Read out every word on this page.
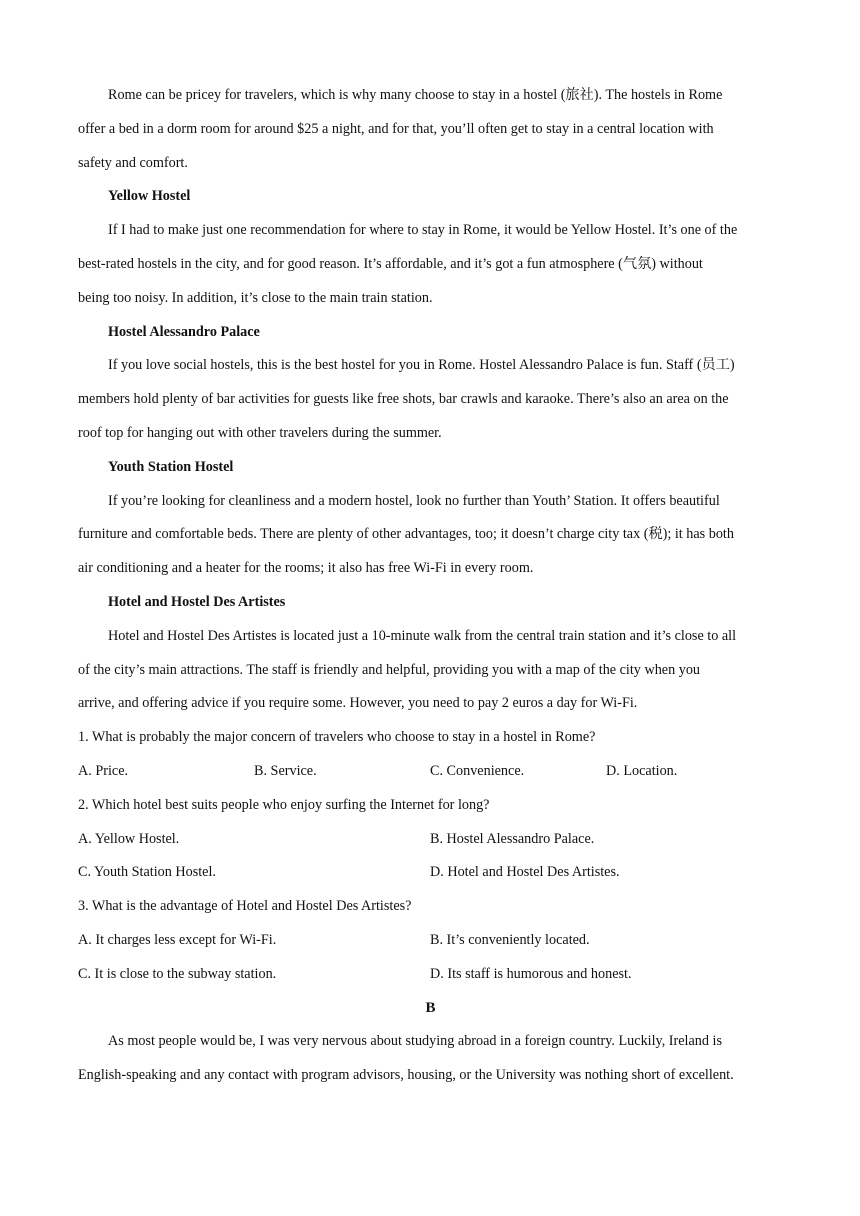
Rome can be pricey for travelers, which is why many choose to stay in a hostel (旅社). The hostels in Rome
offer a bed in a dorm room for around $25 a night, and for that, you’ll often get to stay in a central location with
safety and comfort.
Yellow Hostel
If I had to make just one recommendation for where to stay in Rome, it would be Yellow Hostel. It’s one of the
best-rated hostels in the city, and for good reason. It’s affordable, and it’s got a fun atmosphere (气氛) without
being too noisy. In addition, it’s close to the main train station.
Hostel Alessandro Palace
If you love social hostels, this is the best hostel for you in Rome. Hostel Alessandro Palace is fun. Staff (员工)
members hold plenty of bar activities for guests like free shots, bar crawls and karaoke. There’s also an area on the
roof top for hanging out with other travelers during the summer.
Youth Station Hostel
If you’re looking for cleanliness and a modern hostel, look no further than Youth’ Station. It offers beautiful
furniture and comfortable beds. There are plenty of other advantages, too; it doesn’t charge city tax (税); it has both
air conditioning and a heater for the rooms; it also has free Wi-Fi in every room.
Hotel and Hostel Des Artistes
Hotel and Hostel Des Artistes is located just a 10-minute walk from the central train station and it’s close to all
of the city’s main attractions. The staff is friendly and helpful, providing you with a map of the city when you
arrive, and offering advice if you require some. However, you need to pay 2 euros a day for Wi-Fi.
1. What is probably the major concern of travelers who choose to stay in a hostel in Rome?
A. Price.	B. Service.	C. Convenience.	D. Location.
2. Which hotel best suits people who enjoy surfing the Internet for long?
A. Yellow Hostel.	B. Hostel Alessandro Palace.
C. Youth Station Hostel.	D. Hotel and Hostel Des Artistes.
3. What is the advantage of Hotel and Hostel Des Artistes?
A. It charges less except for Wi-Fi.	B. It’s conveniently located.
C. It is close to the subway station.	D. Its staff is humorous and honest.
B
As most people would be, I was very nervous about studying abroad in a foreign country. Luckily, Ireland is
English-speaking and any contact with program advisors, housing, or the University was nothing short of excellent.
